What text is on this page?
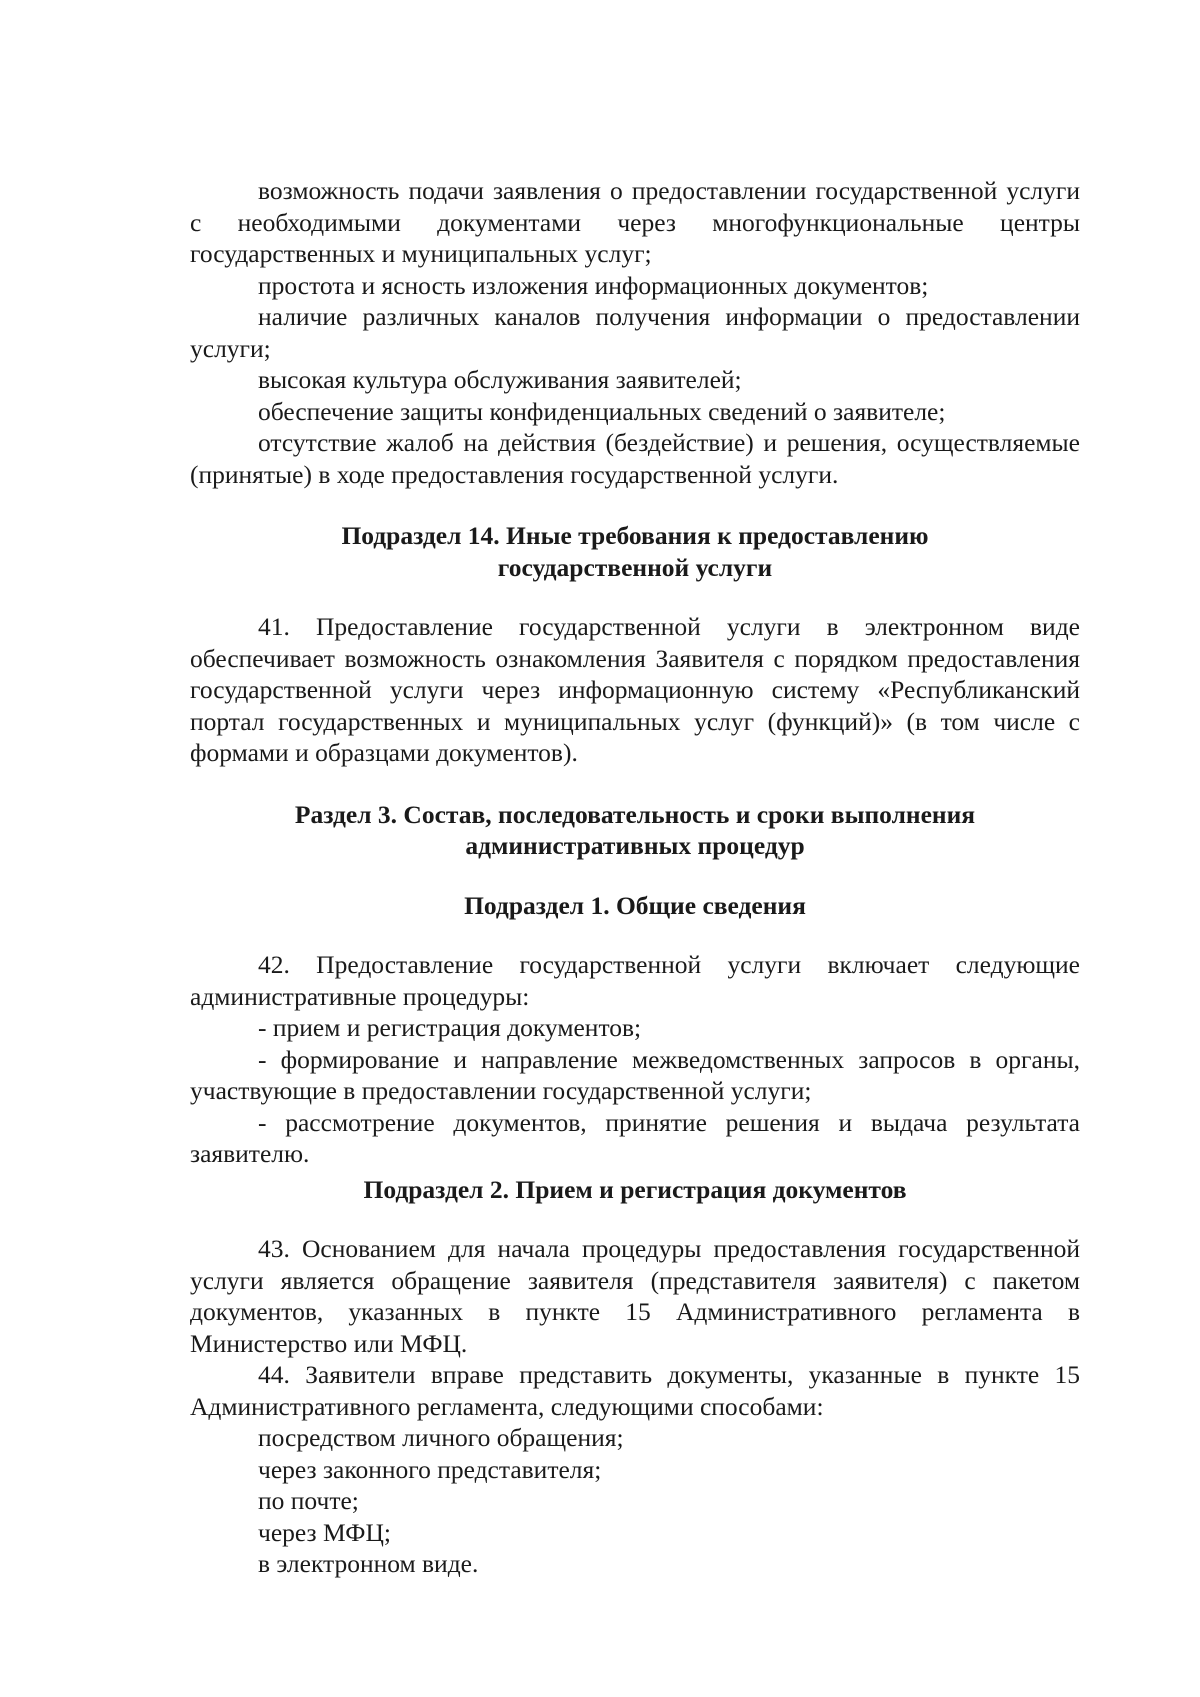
возможность подачи заявления о предоставлении государственной услуги с необходимыми документами через многофункциональные центры государственных и муниципальных услуг;

простота и ясность изложения информационных документов;

наличие различных каналов получения информации о предоставлении услуги;

высокая культура обслуживания заявителей;

обеспечение защиты конфиденциальных сведений о заявителе;

отсутствие жалоб на действия (бездействие) и решения, осуществляемые (принятые) в ходе предоставления государственной услуги.

Подраздел 14. Иные требования к предоставлению
государственной услуги

41. Предоставление государственной услуги в электронном виде обеспечивает возможность ознакомления Заявителя с порядком предоставления государственной услуги через информационную систему «Республиканский портал государственных и муниципальных услуг (функций)» (в том числе с формами и образцами документов).

Раздел 3. Состав, последовательность и сроки выполнения
административных процедур
Подраздел 1. Общие сведения

42. Предоставление государственной услуги включает следующие административные процедуры:

- прием и регистрация документов;

- формирование и направление межведомственных запросов в органы, участвующие в предоставлении государственной услуги;

- рассмотрение документов, принятие решения и выдача результата заявителю.

Подраздел 2. Прием и регистрация документов

43. Основанием для начала процедуры предоставления государственной услуги является обращение заявителя (представителя заявителя) с пакетом документов, указанных в пункте 15 Административного регламента в Министерство или МФЦ.

44. Заявители вправе представить документы, указанные в пункте 15 Административного регламента, следующими способами:

посредством личного обращения;

через законного представителя;

по почте;

через МФЦ;

в электронном виде.
